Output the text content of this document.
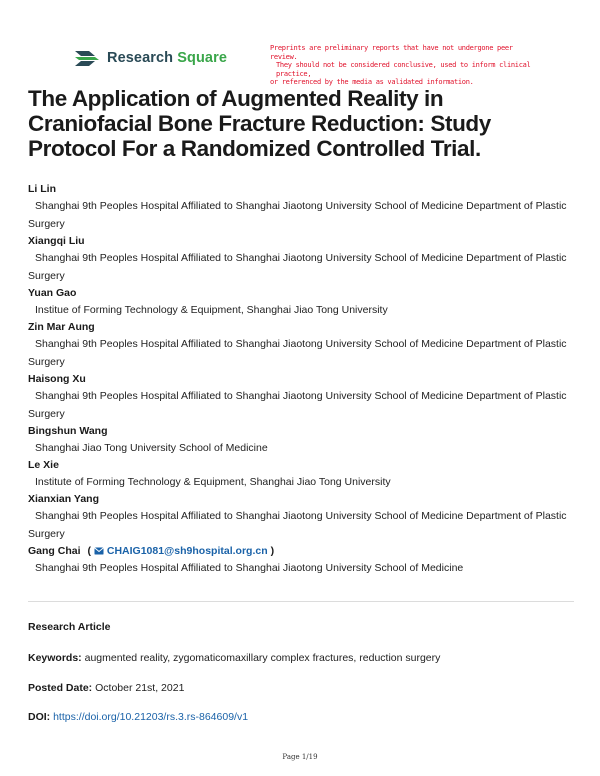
Research Square
Preprints are preliminary reports that have not undergone peer review.
They should not be considered conclusive, used to inform clinical practice,
or referenced by the media as validated information.
The Application of Augmented Reality in Craniofacial Bone Fracture Reduction: Study Protocol For a Randomized Controlled Trial.
Li Lin
Shanghai 9th Peoples Hospital Affiliated to Shanghai Jiaotong University School of Medicine Department of Plastic Surgery
Xiangqi Liu
Shanghai 9th Peoples Hospital Affiliated to Shanghai Jiaotong University School of Medicine Department of Plastic Surgery
Yuan Gao
Institue of Forming Technology & Equipment, Shanghai Jiao Tong University
Zin Mar Aung
Shanghai 9th Peoples Hospital Affiliated to Shanghai Jiaotong University School of Medicine Department of Plastic Surgery
Haisong Xu
Shanghai 9th Peoples Hospital Affiliated to Shanghai Jiaotong University School of Medicine Department of Plastic Surgery
Bingshun Wang
Shanghai Jiao Tong University School of Medicine
Le Xie
Institute of Forming Technology & Equipment, Shanghai Jiao Tong University
Xianxian Yang
Shanghai 9th Peoples Hospital Affiliated to Shanghai Jiaotong University School of Medicine Department of Plastic Surgery
Gang Chai ( CHAIG1081@sh9hospital.org.cn )
Shanghai 9th Peoples Hospital Affiliated to Shanghai Jiaotong University School of Medicine
Research Article
Keywords: augmented reality, zygomaticomaxillary complex fractures, reduction surgery
Posted Date: October 21st, 2021
DOI: https://doi.org/10.21203/rs.3.rs-864609/v1
Page 1/19
